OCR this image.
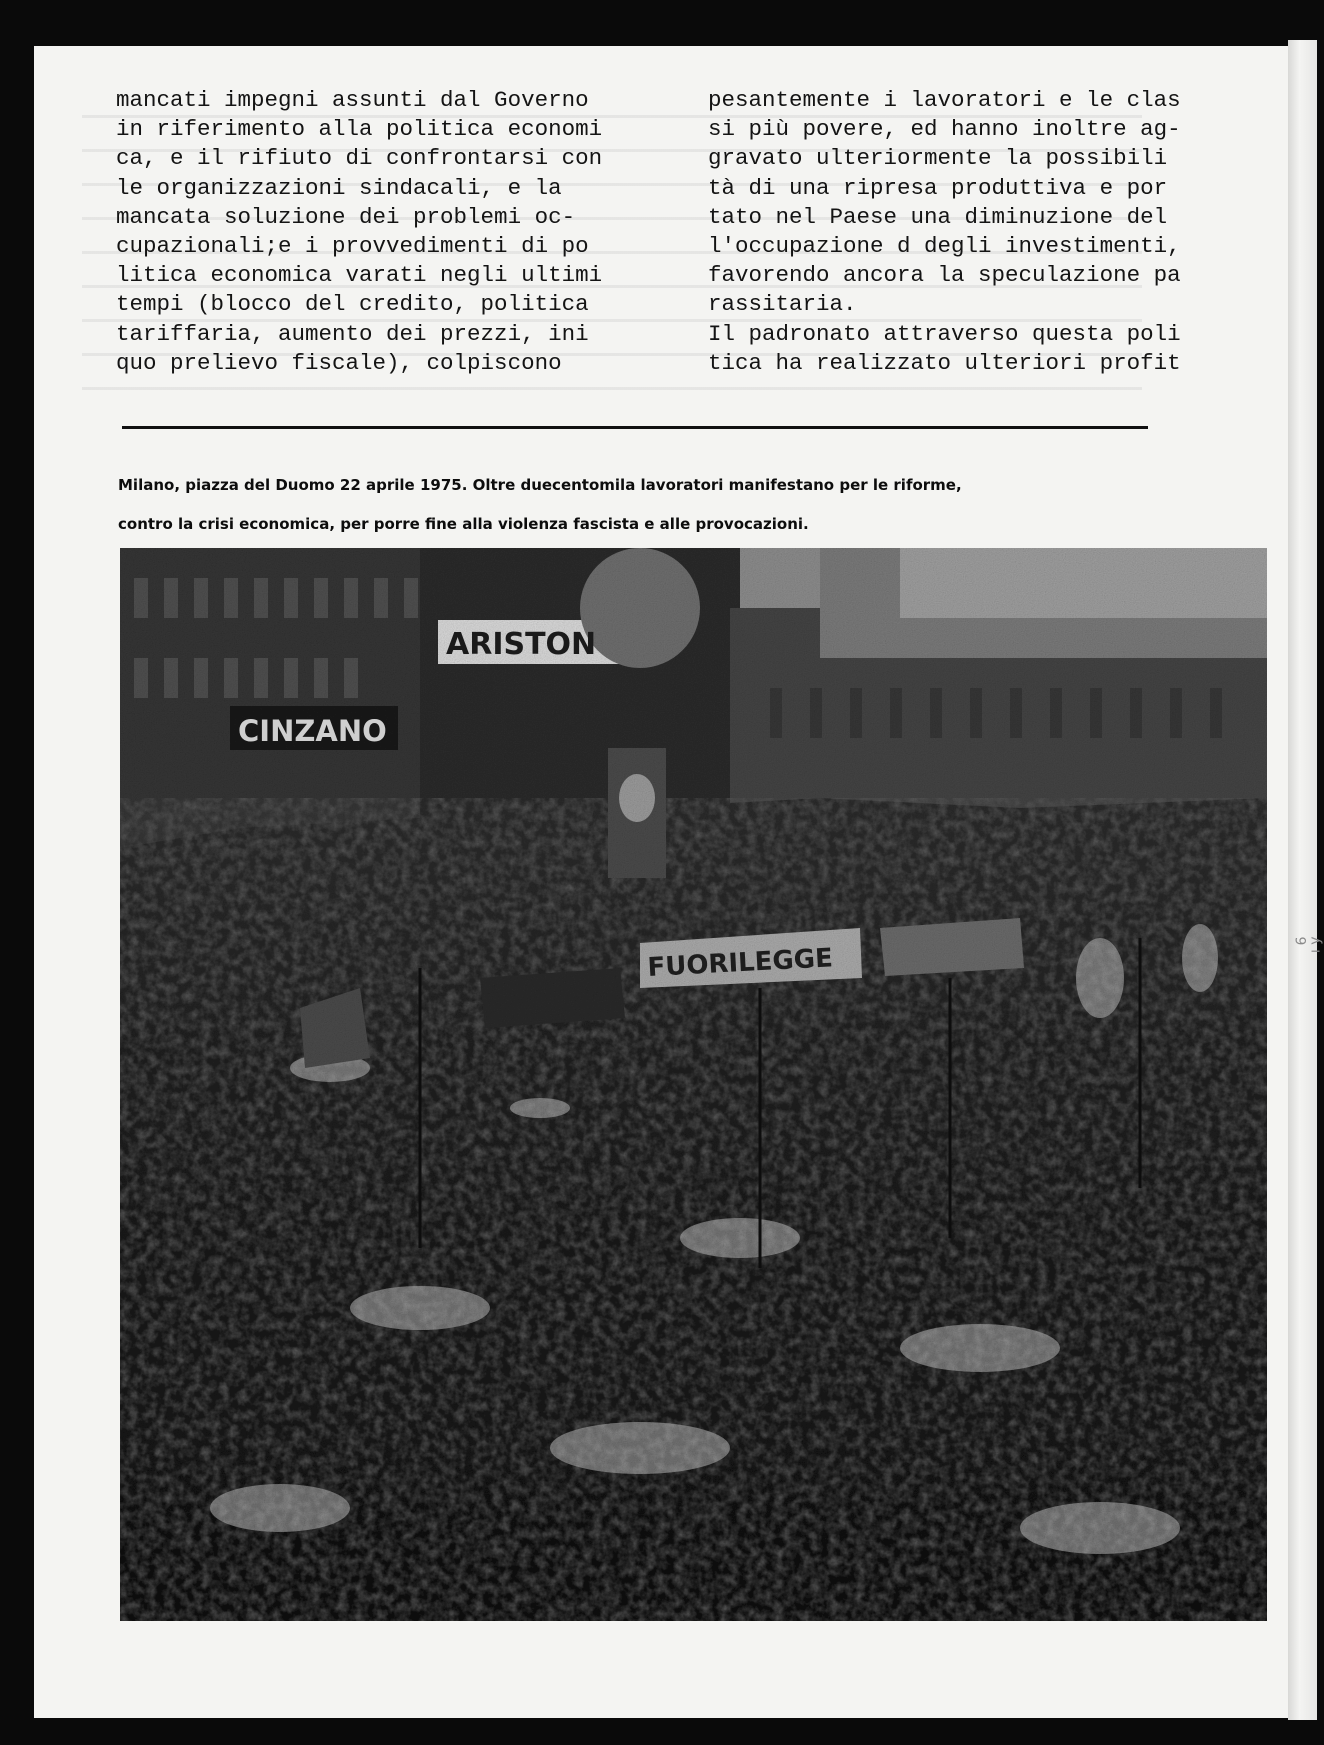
mancati impegni assunti dal Governo
in riferimento alla politica economi
ca, e il rifiuto di confrontarsi con
le organizzazioni sindacali, e la
mancata soluzione dei problemi oc-
cupazionali;e i provvedimenti di po
litica economica varati negli ultimi
tempi (blocco del credito, politica
tariffaria, aumento dei prezzi, ini
quo prelievo fiscale), colpiscono
pesantemente i lavoratori e le clas
si più povere, ed hanno inoltre ag-
gravato ulteriormente la possibili
tà di una ripresa produttiva e por
tato nel Paese una diminuzione del
l'occupazione d degli investimenti,
favorendo ancora la speculazione pa
rassitaria.
Il padronato attraverso questa poli
tica ha realizzato ulteriori profit
Milano, piazza del Duomo 22 aprile 1975. Oltre duecentomila lavoratori manifestano per le riforme,
contro la crisi economica, per porre fine alla violenza fascista e alle provocazioni.
ARISTON
CINZANO
FUORILEGGE	ʎ ı 9
